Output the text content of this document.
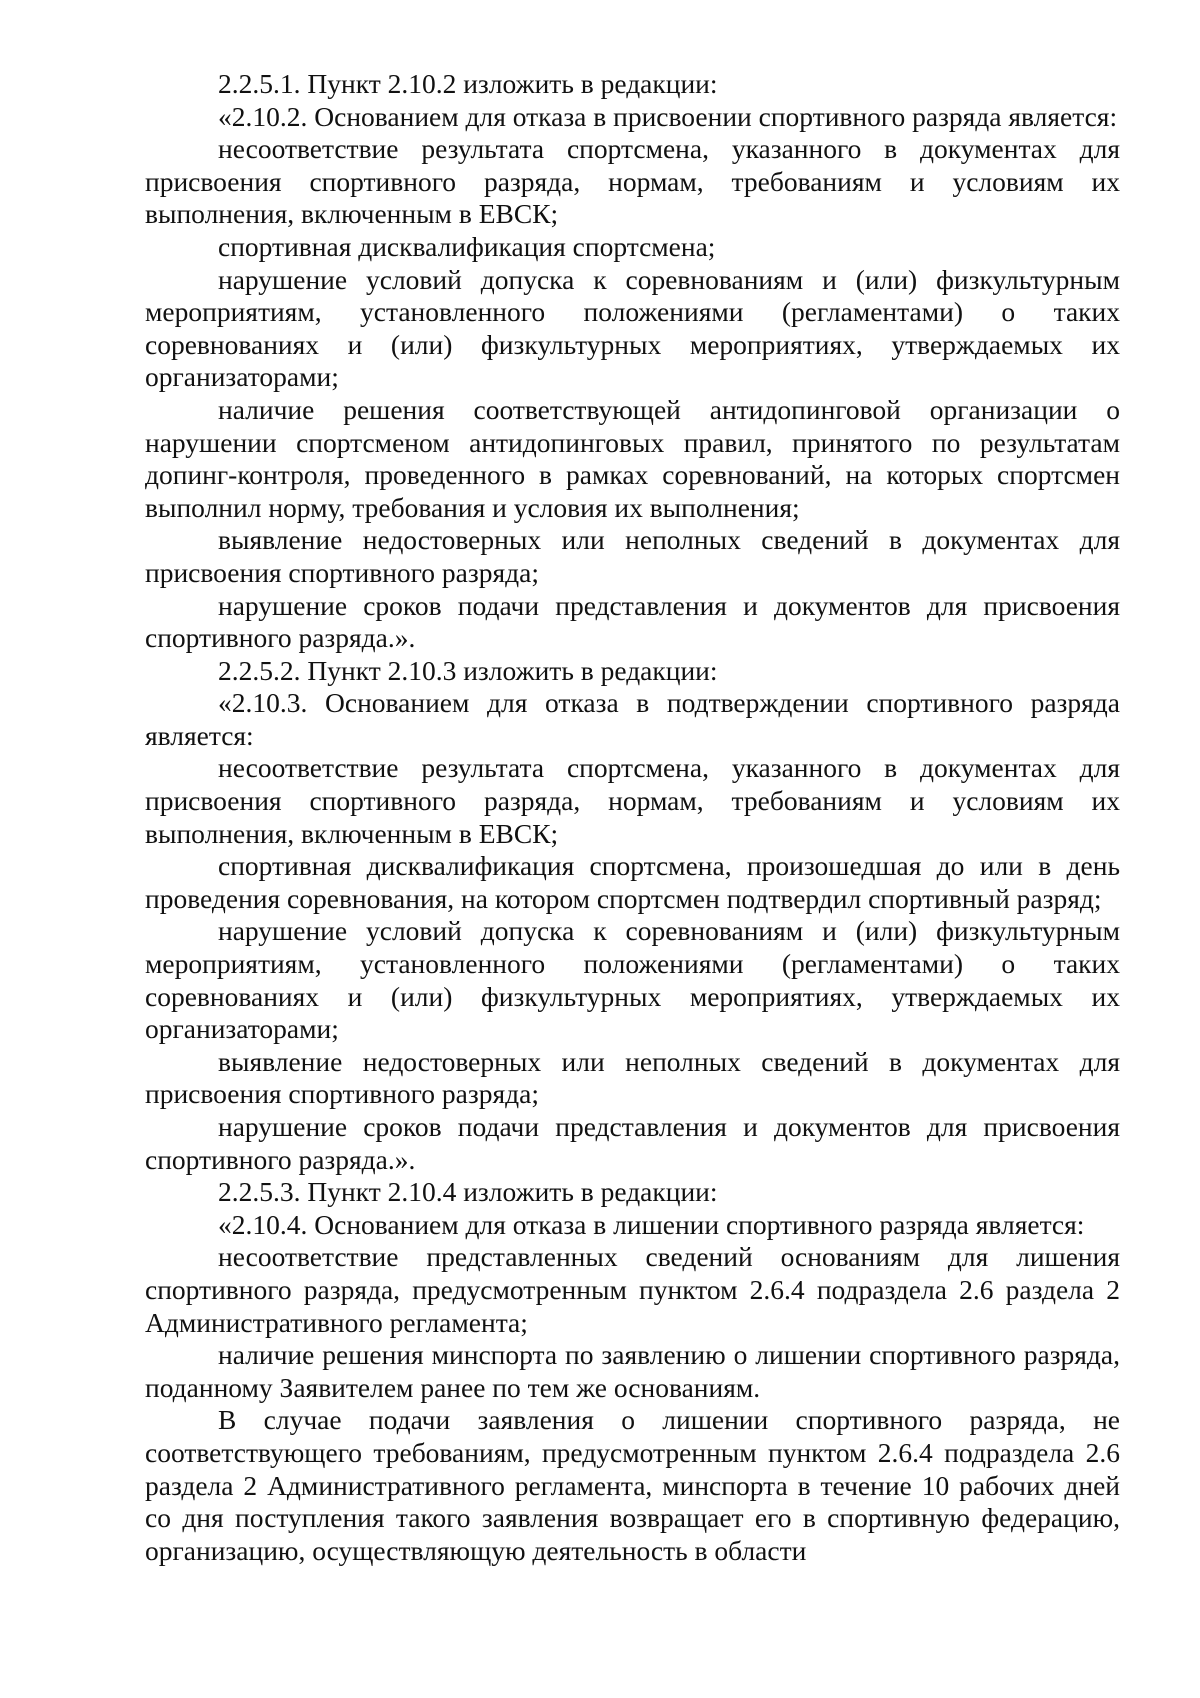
2.2.5.1. Пункт 2.10.2 изложить в редакции:

«2.10.2. Основанием для отказа в присвоении спортивного разряда является:

несоответствие результата спортсмена, указанного в документах для присвоения спортивного разряда, нормам, требованиям и условиям их выполнения, включенным в ЕВСК;

спортивная дисквалификация спортсмена;

нарушение условий допуска к соревнованиям и (или) физкультурным мероприятиям, установленного положениями (регламентами) о таких соревнованиях и (или) физкультурных мероприятиях, утверждаемых их организаторами;

наличие решения соответствующей антидопинговой организации о нарушении спортсменом антидопинговых правил, принятого по результатам допинг-контроля, проведенного в рамках соревнований, на которых спортсмен выполнил норму, требования и условия их выполнения;

выявление недостоверных или неполных сведений в документах для присвоения спортивного разряда;

нарушение сроков подачи представления и документов для присвоения спортивного разряда.».

2.2.5.2. Пункт 2.10.3 изложить в редакции:

«2.10.3. Основанием для отказа в подтверждении спортивного разряда является:

несоответствие результата спортсмена, указанного в документах для присвоения спортивного разряда, нормам, требованиям и условиям их выполнения, включенным в ЕВСК;

спортивная дисквалификация спортсмена, произошедшая до или в день проведения соревнования, на котором спортсмен подтвердил спортивный разряд;

нарушение условий допуска к соревнованиям и (или) физкультурным мероприятиям, установленного положениями (регламентами) о таких соревнованиях и (или) физкультурных мероприятиях, утверждаемых их организаторами;

выявление недостоверных или неполных сведений в документах для присвоения спортивного разряда;

нарушение сроков подачи представления и документов для присвоения спортивного разряда.».

2.2.5.3. Пункт 2.10.4 изложить в редакции:

«2.10.4. Основанием для отказа в лишении спортивного разряда является:

несоответствие представленных сведений основаниям для лишения спортивного разряда, предусмотренным пунктом 2.6.4 подраздела 2.6 раздела 2 Административного регламента;

наличие решения минспорта по заявлению о лишении спортивного разряда, поданному Заявителем ранее по тем же основаниям.

В случае подачи заявления о лишении спортивного разряда, не соответствующего требованиям, предусмотренным пунктом 2.6.4 подраздела 2.6 раздела 2 Административного регламента, минспорта в течение 10 рабочих дней со дня поступления такого заявления возвращает его в спортивную федерацию, организацию, осуществляющую деятельность в области
